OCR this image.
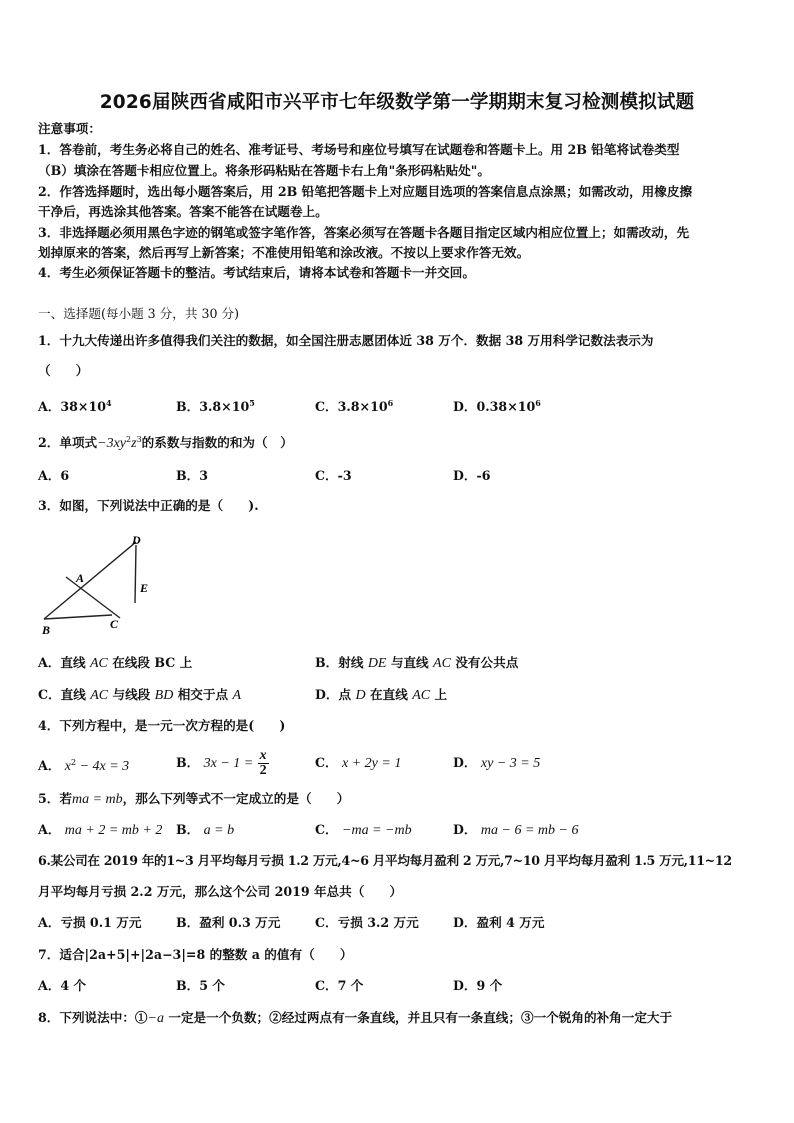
2026届陕西省咸阳市兴平市七年级数学第一学期期末复习检测模拟试题
注意事项：
1．答卷前，考生务必将自己的姓名、准考证号、考场号和座位号填写在试题卷和答题卡上。用 2B 铅笔将试卷类型
（B）填涂在答题卡相应位置上。将条形码粘贴在答题卡右上角"条形码粘贴处"。
2．作答选择题时，选出每小题答案后，用 2B 铅笔把答题卡上对应题目选项的答案信息点涂黑；如需改动，用橡皮擦
干净后，再选涂其他答案。答案不能答在试题卷上。
3．非选择题必须用黑色字迹的钢笔或签字笔作答，答案必须写在答题卡各题目指定区域内相应位置上；如需改动，先
划掉原来的答案，然后再写上新答案；不准使用铅笔和涂改液。不按以上要求作答无效。
4．考生必须保证答题卡的整洁。考试结束后，请将本试卷和答题卡一并交回。
一、选择题(每小题 3 分，共 30 分)
1．十九大传递出许多值得我们关注的数据，如全国注册志愿团体近 38 万个．数据 38 万用科学记数法表示为
（　　）
A．$38\times 10^4$	B．$3.8\times 10^5$	C．$3.8\times 10^6$	D．$0.38\times 10^6$
2．单项式$-3xy^2z^3$的系数与指数的和为（　）
A．6	B．3	C．-3	D．-6
3．如图，下列说法中正确的是（　　).
D
A
E
B	C
A．直线 AC 在线段 BC 上	B．射线 DE 与直线 AC 没有公共点
C．直线 AC 与线段 BD 相交于点 A	D．点 D 在直线 AC 上
4．下列方程中，是一元一次方程的是(　　)
A． $x^2 - 4x = 3$	B． $3x - 1 = \frac{x}{2}$	C． x + 2y = 1	D． xy − 3 = 5
5．若ma = mb，那么下列等式不一定成立的是（　　）
A． ma + 2 = mb + 2 B． a = b	C． −ma = −mb	D． ma − 6 = mb − 6
6.某公司在 2019 年的1~3 月平均每月亏损 1.2 万元,4~6 月平均每月盈利 2 万元,7~10 月平均每月盈利 1.5 万元,11~12
月平均每月亏损 2.2 万元，那么这个公司 2019 年总共（　　）
A．亏损 0.1 万元	B．盈利 0.3 万元	C．亏损 3.2 万元	D．盈利 4 万元
7．适合|2a+5|+|2a−3|=8 的整数 a 的值有（　　）
A．4 个	B．5 个	C．7 个	D．9 个
8．下列说法中：①−a 一定是一个负数；②经过两点有一条直线，并且只有一条直线；③一个锐角的补角一定大于
